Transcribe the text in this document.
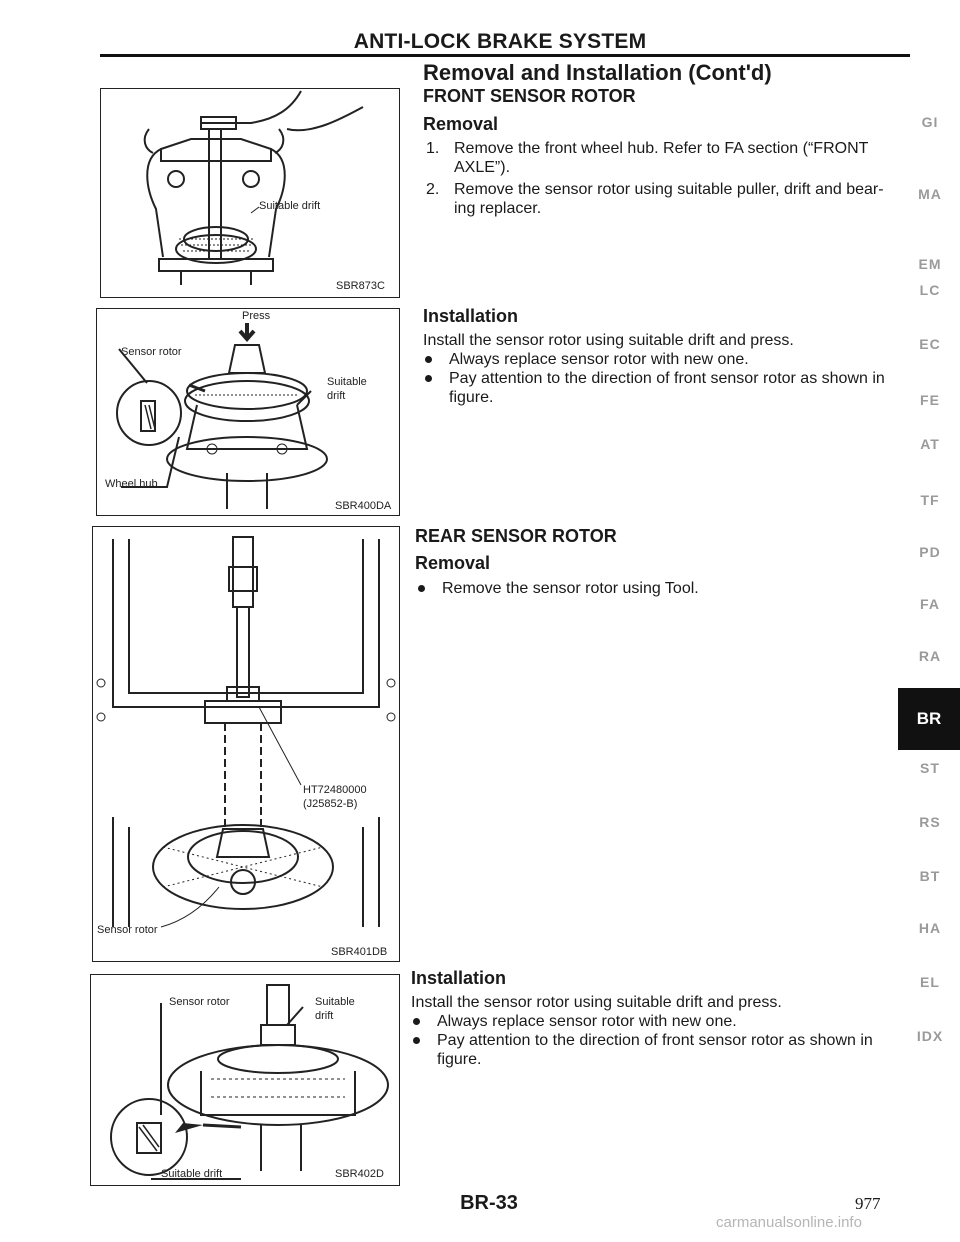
ANTI-LOCK BRAKE SYSTEM
Removal and Installation (Cont'd)
FRONT SENSOR ROTOR
Removal
1. Remove the front wheel hub. Refer to FA section (“FRONT
AXLE”).
2. Remove the sensor rotor using suitable puller, drift and bear-
ing replacer.
Installation
Install the sensor rotor using suitable drift and press.
Always replace sensor rotor with new one.
Pay attention to the direction of front sensor rotor as shown in
figure.
REAR SENSOR ROTOR
Removal
Remove the sensor rotor using Tool.
Installation
Install the sensor rotor using suitable drift and press.
Always replace sensor rotor with new one.
Pay attention to the direction of front sensor rotor as shown in
figure.
Suitable drift
SBR873C
Press
Sensor rotor
Suitable
drift
Wheel hub
SBR400DA
HT72480000
(J25852-B)
Sensor rotor
SBR401DB
Sensor rotor	Suitable
drift
Suitable drift	SBR402D
GI
MA
EM
LC
EC
FE
AT
TF
PD
FA
RA
BR
ST
RS
BT
HA
EL
IDX
BR-33	977
carmanualsonline.info
